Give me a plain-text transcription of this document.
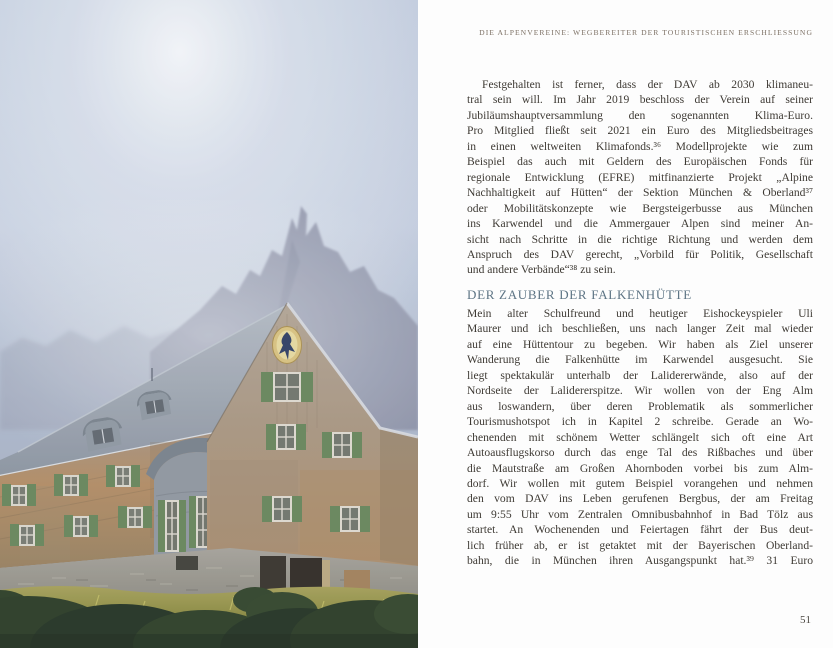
DIE ALPENVEREINE: WEGBEREITER DER TOURISTISCHEN ERSCHLIESSUNG
Festgehalten ist ferner, dass der DAV ab 2030 klimaneu-
tral sein will. Im Jahr 2019 beschloss der Verein auf seiner
Jubiläumshauptversammlung den sogenannten Klima-Euro.
Pro Mitglied fließt seit 2021 ein Euro des Mitgliedsbeitrages
in einen weltweiten Klimafonds.³⁶ Modellprojekte wie zum
Beispiel das auch mit Geldern des Europäischen Fonds für
regionale Entwicklung (EFRE) mitfinanzierte Projekt „Alpine
Nachhaltigkeit auf Hütten“ der Sektion München & Oberland³⁷
oder Mobilitätskonzepte wie Bergsteigerbusse aus München
ins Karwendel und die Ammergauer Alpen sind meiner An-
sicht nach Schritte in die richtige Richtung und werden dem
Anspruch des DAV gerecht, „Vorbild für Politik, Gesellschaft
und andere Verbände“³⁸ zu sein.
DER ZAUBER DER FALKENHÜTTE
Mein alter Schulfreund und heutiger Eishockeyspieler Uli
Maurer und ich beschließen, uns nach langer Zeit mal wieder
auf eine Hüttentour zu begeben. Wir haben als Ziel unserer
Wanderung die Falkenhütte im Karwendel ausgesucht. Sie
liegt spektakulär unterhalb der Lalidererwände, also auf der
Nordseite der Lalidererspitze. Wir wollen von der Eng Alm
aus loswandern, über deren Problematik als sommerlicher
Tourismushotspot ich in Kapitel 2 schreibe. Gerade an Wo-
chenenden mit schönem Wetter schlängelt sich oft eine Art
Autoausflugskorso durch das enge Tal des Rißbaches und über
die Mautstraße am Großen Ahornboden vorbei bis zum Alm-
dorf. Wir wollen mit gutem Beispiel vorangehen und nehmen
den vom DAV ins Leben gerufenen Bergbus, der am Freitag
um 9:55 Uhr vom Zentralen Omnibusbahnhof in Bad Tölz aus
startet. An Wochenenden und Feiertagen fährt der Bus deut-
lich früher ab, er ist getaktet mit der Bayerischen Oberland-
bahn, die in München ihren Ausgangspunkt hat.³⁹ 31 Euro
51
